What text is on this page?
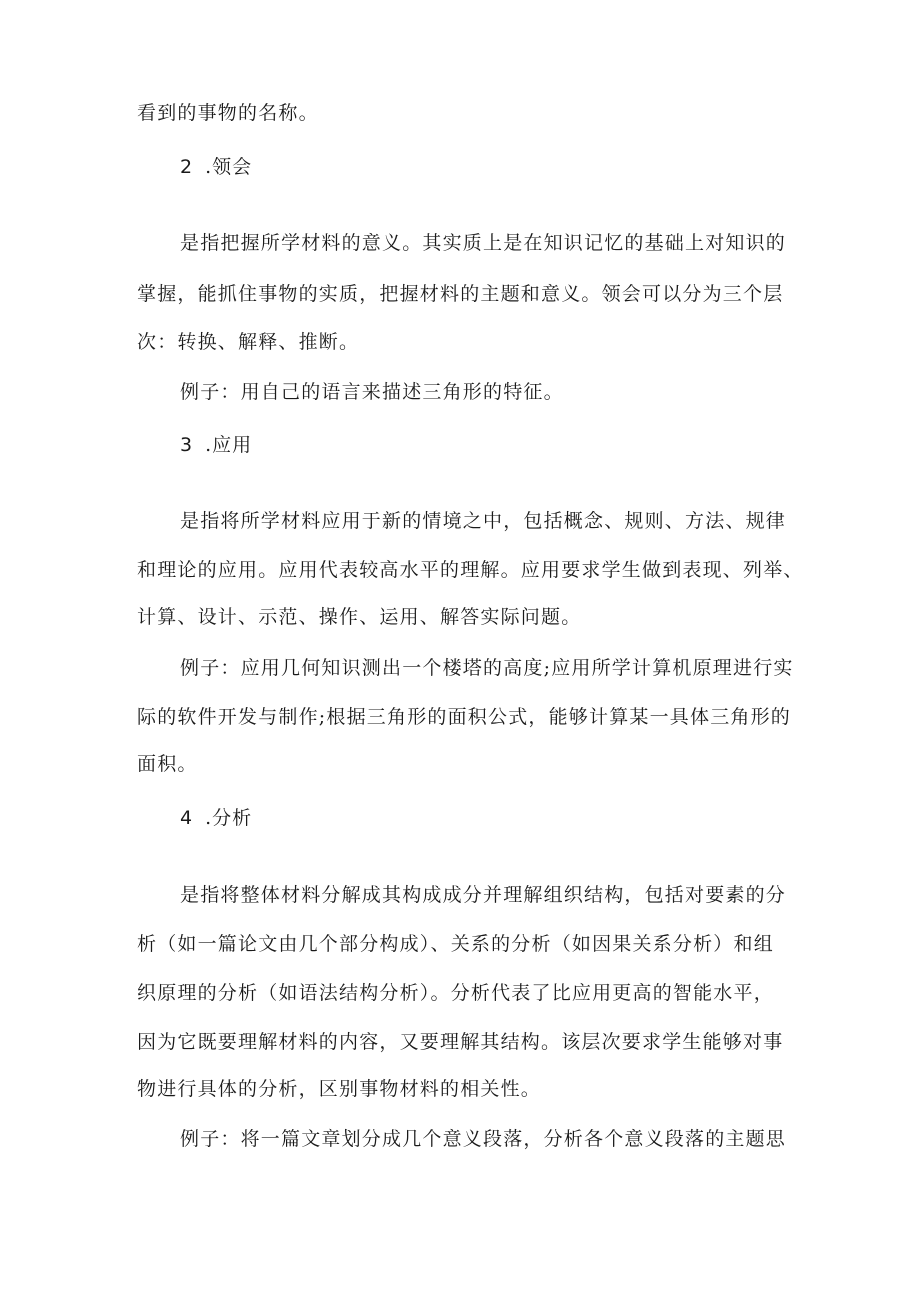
看到的事物的名称。
2 .领会
是指把握所学材料的意义。其实质上是在知识记忆的基础上对知识的
掌握，能抓住事物的实质，把握材料的主题和意义。领会可以分为三个层
次：转换、解释、推断。
例子：用自己的语言来描述三角形的特征。
3 .应用
是指将所学材料应用于新的情境之中，包括概念、规则、方法、规律
和理论的应用。应用代表较高水平的理解。应用要求学生做到表现、列举、
计算、设计、示范、操作、运用、解答实际问题。
例子：应用几何知识测出一个楼塔的高度;应用所学计算机原理进行实
际的软件开发与制作;根据三角形的面积公式，能够计算某一具体三角形的
面积。
4 .分析
是指将整体材料分解成其构成成分并理解组织结构，包括对要素的分
析（如一篇论文由几个部分构成）、关系的分析（如因果关系分析）和组
织原理的分析（如语法结构分析）。分析代表了比应用更高的智能水平，
因为它既要理解材料的内容，又要理解其结构。该层次要求学生能够对事
物进行具体的分析，区别事物材料的相关性。
例子：将一篇文章划分成几个意义段落，分析各个意义段落的主题思
